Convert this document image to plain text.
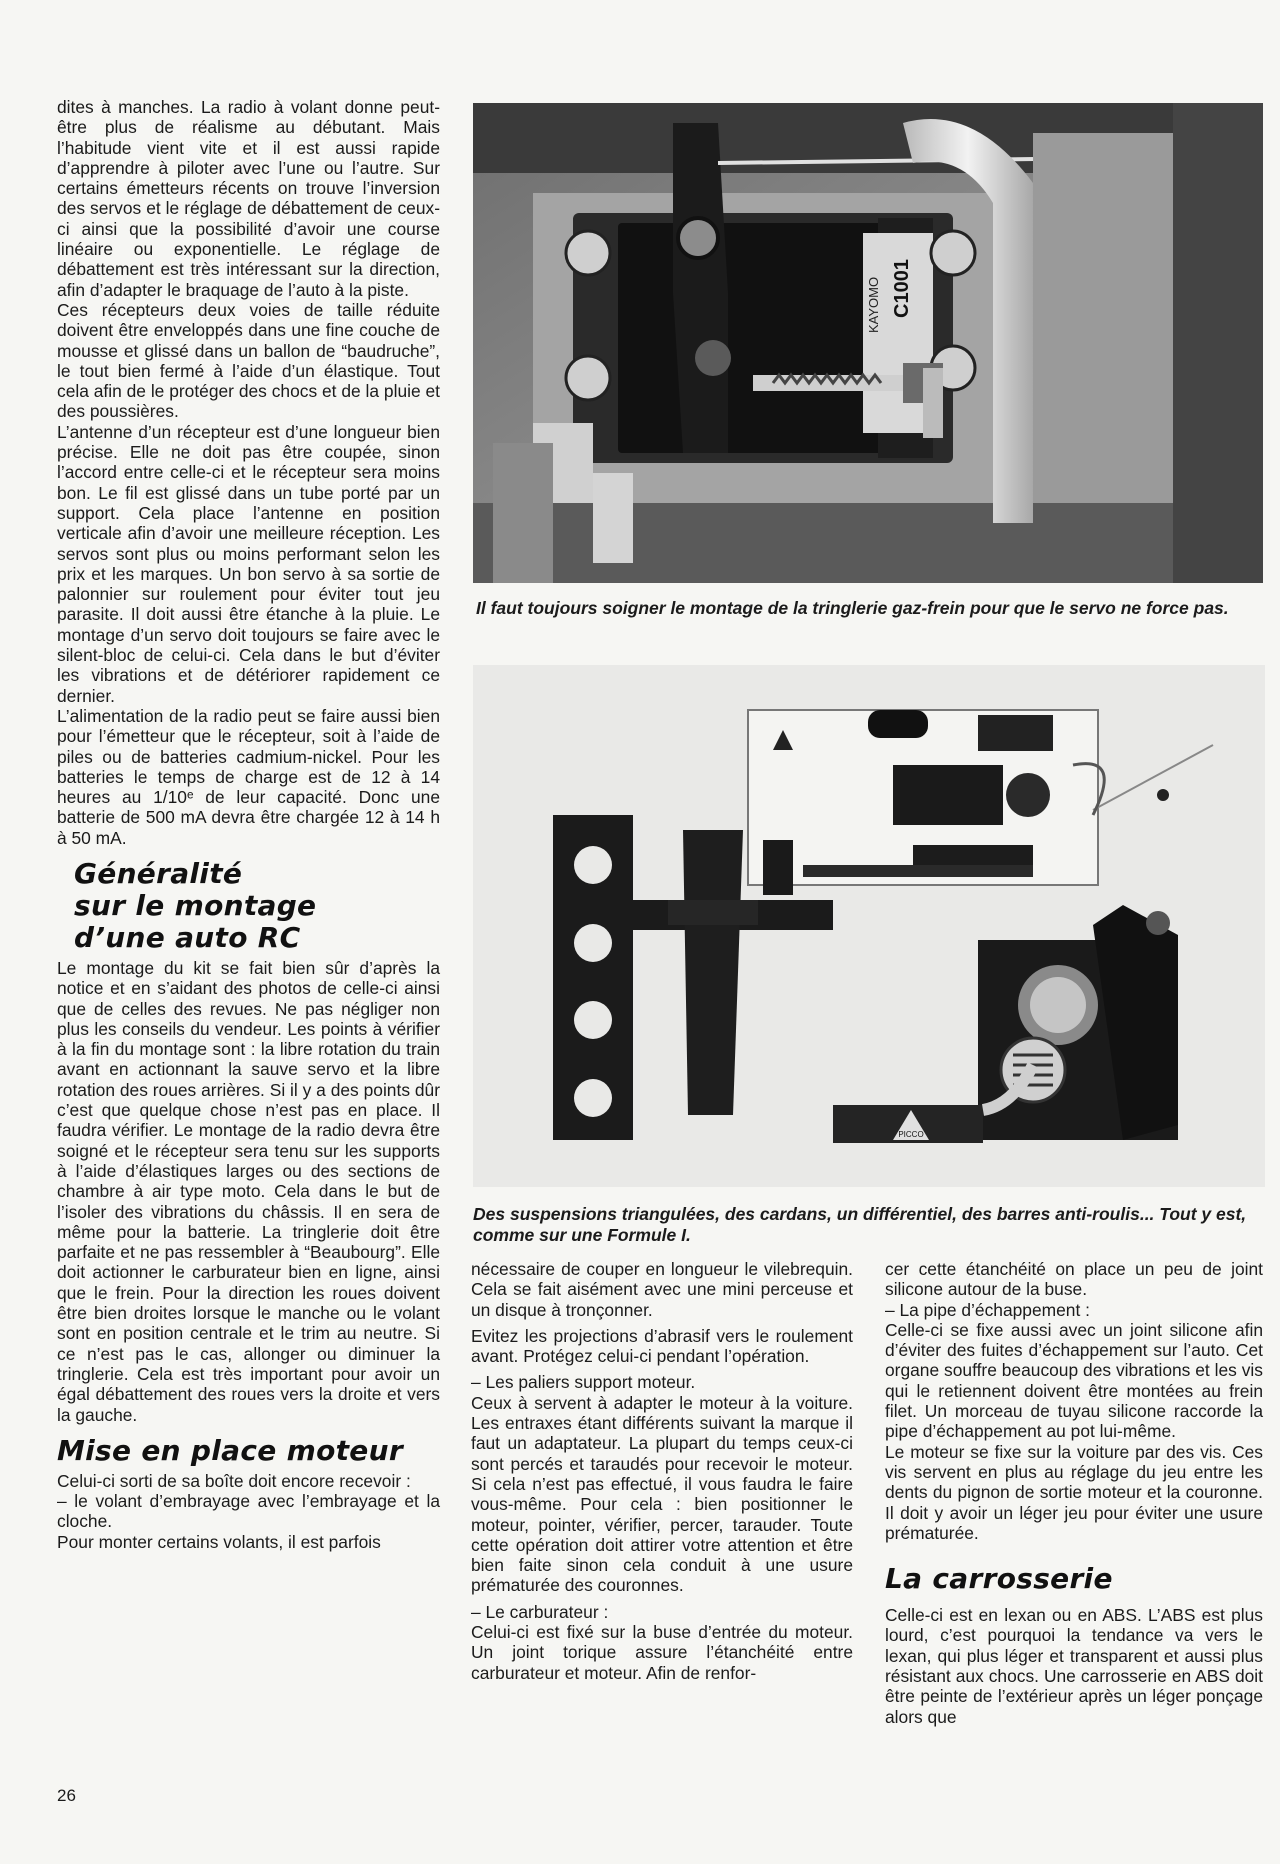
dites à manches. La radio à volant donne peut-être plus de réalisme au débutant. Mais l’habitude vient vite et il est aussi rapide d’apprendre à piloter avec l’une ou l’autre. Sur certains émetteurs récents on trouve l’inversion des servos et le réglage de débattement de ceux-ci ainsi que la possibilité d’avoir une course linéaire ou exponentielle. Le réglage de débattement est très intéressant sur la direction, afin d’adapter le braquage de l’auto à la piste.

Ces récepteurs deux voies de taille réduite doivent être enveloppés dans une fine couche de mousse et glissé dans un ballon de “baudruche”, le tout bien fermé à l’aide d’un élastique. Tout cela afin de le protéger des chocs et de la pluie et des poussières.

L’antenne d’un récepteur est d’une longueur bien précise. Elle ne doit pas être coupée, sinon l’accord entre celle-ci et le récepteur sera moins bon. Le fil est glissé dans un tube porté par un support. Cela place l’antenne en position verticale afin d’avoir une meilleure réception. Les servos sont plus ou moins performant selon les prix et les marques. Un bon servo à sa sortie de palonnier sur roulement pour éviter tout jeu parasite. Il doit aussi être étanche à la pluie. Le montage d’un servo doit toujours se faire avec le silent-bloc de celui-ci. Cela dans le but d’éviter les vibrations et de détériorer rapidement ce dernier.

L’alimentation de la radio peut se faire aussi bien pour l’émetteur que le récepteur, soit à l’aide de piles ou de batteries cadmium-nickel. Pour les batteries le temps de charge est de 12 à 14 heures au 1/10ᵉ de leur capacité. Donc une batterie de 500 mA devra être chargée 12 à 14 h à 50 mA.

Généralité
sur le montage
d’une auto RC

Le montage du kit se fait bien sûr d’après la notice et en s’aidant des photos de celle-ci ainsi que de celles des revues. Ne pas négliger non plus les conseils du vendeur. Les points à vérifier à la fin du montage sont : la libre rotation du train avant en actionnant la sauve servo et la libre rotation des roues arrières. Si il y a des points dûr c’est que quelque chose n’est pas en place. Il faudra vérifier. Le montage de la radio devra être soigné et le récepteur sera tenu sur les supports à l’aide d’élastiques larges ou des sections de chambre à air type moto. Cela dans le but de l’isoler des vibrations du châssis. Il en sera de même pour la batterie. La tringlerie doit être parfaite et ne pas ressembler à “Beaubourg”. Elle doit actionner le carburateur bien en ligne, ainsi que le frein. Pour la direction les roues doivent être bien droites lorsque le manche ou le volant sont en position centrale et le trim au neutre. Si ce n’est pas le cas, allonger ou diminuer la tringlerie. Cela est très important pour avoir un égal débattement des roues vers la droite et vers la gauche.

Mise en place moteur

Celui-ci sorti de sa boîte doit encore recevoir :

– le volant d’embrayage avec l’embrayage et la cloche.

Pour monter certains volants, il est parfois

KAYOMO C1001
Il faut toujours soigner le montage de la tringlerie gaz-frein pour que le servo ne force pas.
PICCO
Des suspensions triangulées, des cardans, un différentiel, des barres anti-roulis... Tout y est, comme sur une Formule I.

nécessaire de couper en longueur le vilebrequin. Cela se fait aisément avec une mini perceuse et un disque à tronçonner.

Evitez les projections d’abrasif vers le roulement avant. Protégez celui-ci pendant l’opération.

– Les paliers support moteur.

Ceux à servent à adapter le moteur à la voiture. Les entraxes étant différents suivant la marque il faut un adaptateur. La plupart du temps ceux-ci sont percés et taraudés pour recevoir le moteur. Si cela n’est pas effectué, il vous faudra le faire vous-même. Pour cela : bien positionner le moteur, pointer, vérifier, percer, tarauder. Toute cette opération doit attirer votre attention et être bien faite sinon cela conduit à une usure prématurée des couronnes.

– Le carburateur :

Celui-ci est fixé sur la buse d’entrée du moteur. Un joint torique assure l’étanchéité entre carburateur et moteur. Afin de renfor-

cer cette étanchéité on place un peu de joint silicone autour de la buse.

– La pipe d’échappement :

Celle-ci se fixe aussi avec un joint silicone afin d’éviter des fuites d’échappement sur l’auto. Cet organe souffre beaucoup des vibrations et les vis qui le retiennent doivent être montées au frein filet. Un morceau de tuyau silicone raccorde la pipe d’échappement au pot lui-même.

Le moteur se fixe sur la voiture par des vis. Ces vis servent en plus au réglage du jeu entre les dents du pignon de sortie moteur et la couronne. Il doit y avoir un léger jeu pour éviter une usure prématurée.

La carrosserie

Celle-ci est en lexan ou en ABS. L’ABS est plus lourd, c’est pourquoi la tendance va vers le lexan, qui plus léger et transparent et aussi plus résistant aux chocs. Une carrosserie en ABS doit être peinte de l’extérieur après un léger ponçage alors que

26
